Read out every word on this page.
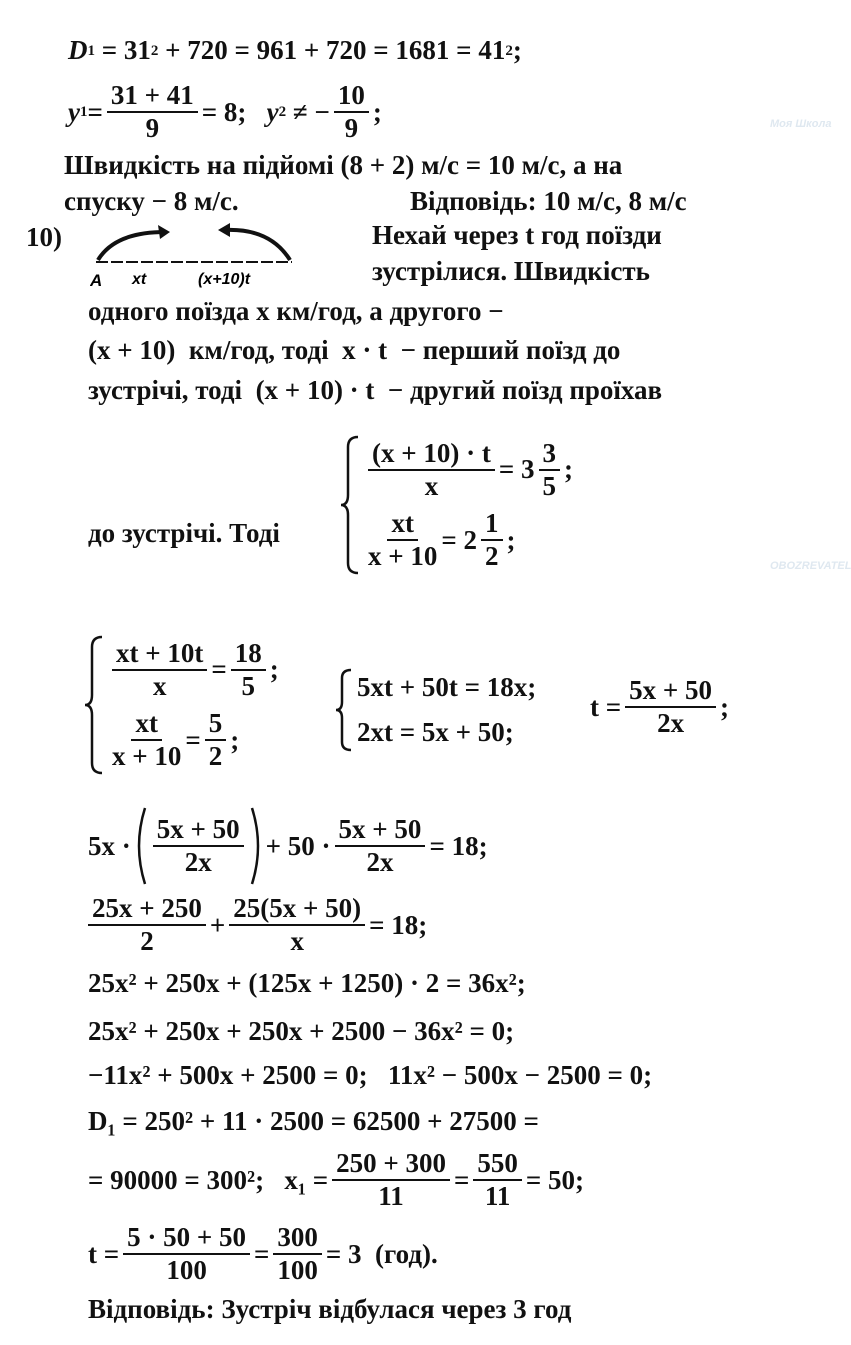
Моя Школа
OBOZREVATEL
D 1 = 31 2 + 720 = 961 + 720 = 1681 = 41 2 ;
y $1 = \frac{31 + 41}{9} = 8$; y 2 ≠ − $\frac{10}{9}$ ;
Швидкість на підйомі (8 + 2) м/с = 10 м/с, а на
спуску − 8 м/с.	Відповідь: 10 м/с, 8 м/с
10)
A xt	(x+10)t
Нехай через t год поїзди
зустрілися. Швидкість
одного поїзда x км/год, а другого −
(x + 10)  км/год, тоді  x · t  − перший поїзд до
зустрічі, тоді  (x + 10) · t  − другий поїзд проїхав
до зустрічі. Тоді
$\frac{(x + 10) \cdot t}{x} = 3 \frac{3}{5}$ ;
$\frac{xt}{x + 10} = 2 \frac{1}{2}$ ;
$\frac{xt + 10t}{x} = \frac{18}{5}$ ;
$\frac{xt}{x + 10} = \frac{5}{2}$ ;
5xt + 50t = 18x;
2xt = 5x + 50;
$t = \frac{5x + 50}{2x}$ ;
$5x \cdot \frac{5x + 50}{2x} + 50 \cdot \frac{5x + 50}{2x} = 18$;
$\frac{25x + 250}{2} + \frac{25(5x + 50)}{x} = 18$;
25x² + 250x + (125x + 1250) · 2 = 36x²;
25x² + 250x + 250x + 2500 − 36x² = 0;
−11x² + 500x + 2500 = 0;   11x² − 500x − 2500 = 0;
D₁ = 250² + 11 · 2500 = 62500 + 27500 =
= 90000 = 300²;   $x_1 = \frac{250 + 300}{11} = \frac{550}{11} = 50$;
$t = \frac{5 \cdot 50 + 50}{100} = \frac{300}{100} = 3$  (год).
Відповідь: Зустріч відбулася через 3 год
